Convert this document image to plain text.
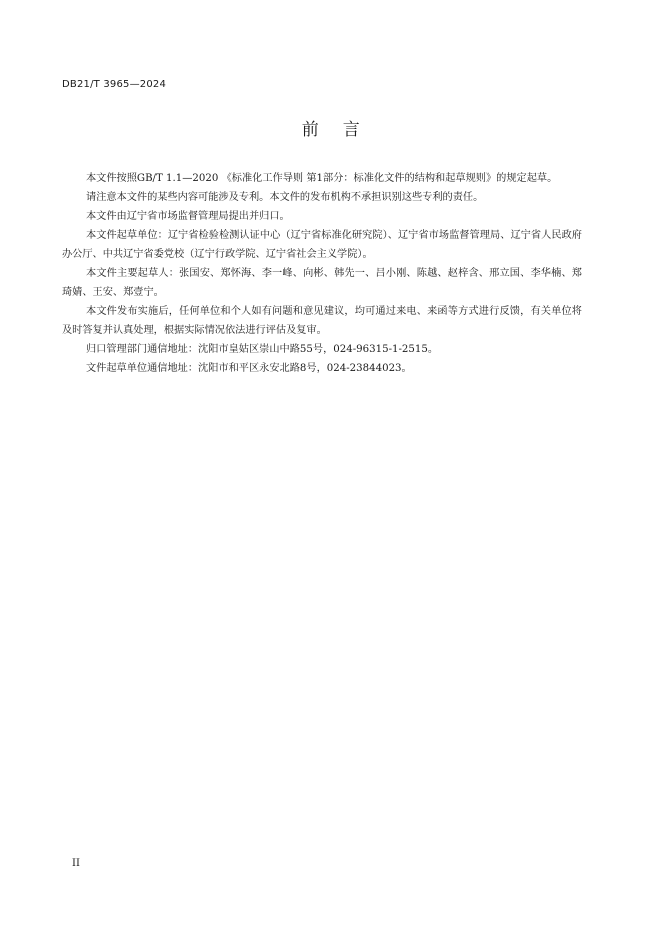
DB21/T 3965—2024
前    言

本文件按照GB/T 1.1—2020 《标准化工作导则 第1部分：标准化文件的结构和起草规则》的规定起草。

请注意本文件的某些内容可能涉及专利。本文件的发布机构不承担识别这些专利的责任。

本文件由辽宁省市场监督管理局提出并归口。

本文件起草单位：辽宁省检验检测认证中心（辽宁省标准化研究院）、辽宁省市场监督管理局、辽宁省人民政府办公厅、中共辽宁省委党校（辽宁行政学院、辽宁省社会主义学院）。

本文件主要起草人：张国安、郑怀海、李一峰、向彬、韩先一、吕小刚、陈越、赵梓含、邢立国、李华楠、郑琦婧、王安、郑壹宁。

本文件发布实施后，任何单位和个人如有问题和意见建议，均可通过来电、来函等方式进行反馈，有关单位将及时答复并认真处理，根据实际情况依法进行评估及复审。

归口管理部门通信地址：沈阳市皇姑区崇山中路55号，024-96315-1-2515。

文件起草单位通信地址：沈阳市和平区永安北路8号，024-23844023。

II
